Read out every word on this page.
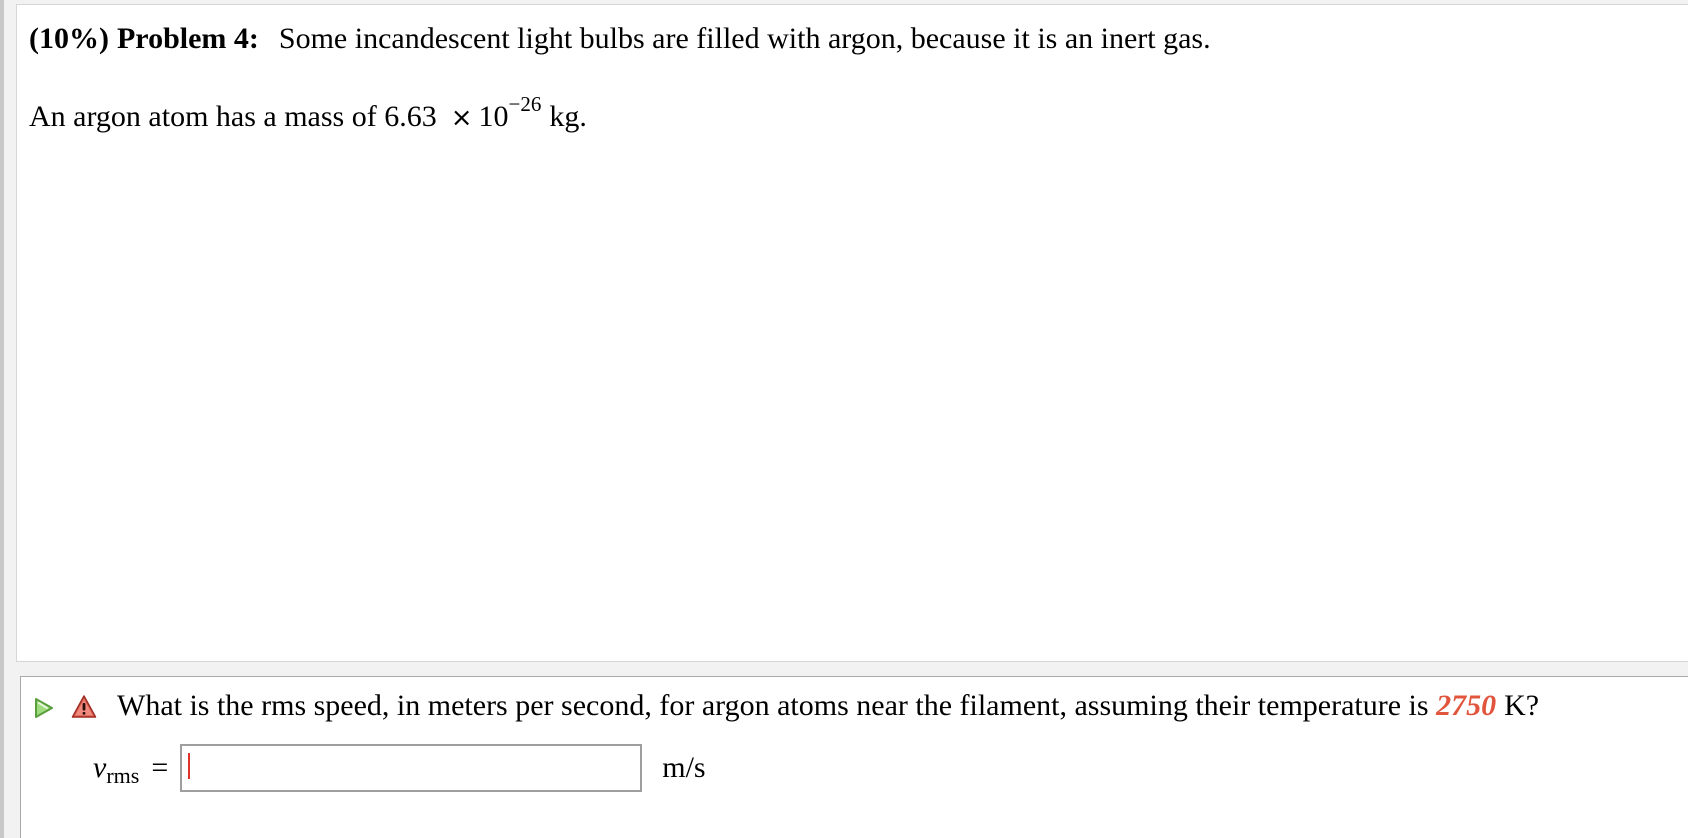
(10%) Problem 4: Some incandescent light bulbs are filled with argon, because it is an inert gas.
An argon atom has a mass of $6.63 \times 10^{-26}$ kg.
What is the rms speed, in meters per second, for argon atoms near the filament, assuming their temperature is 2750 K?
$v_{rms}$ =	m/s
